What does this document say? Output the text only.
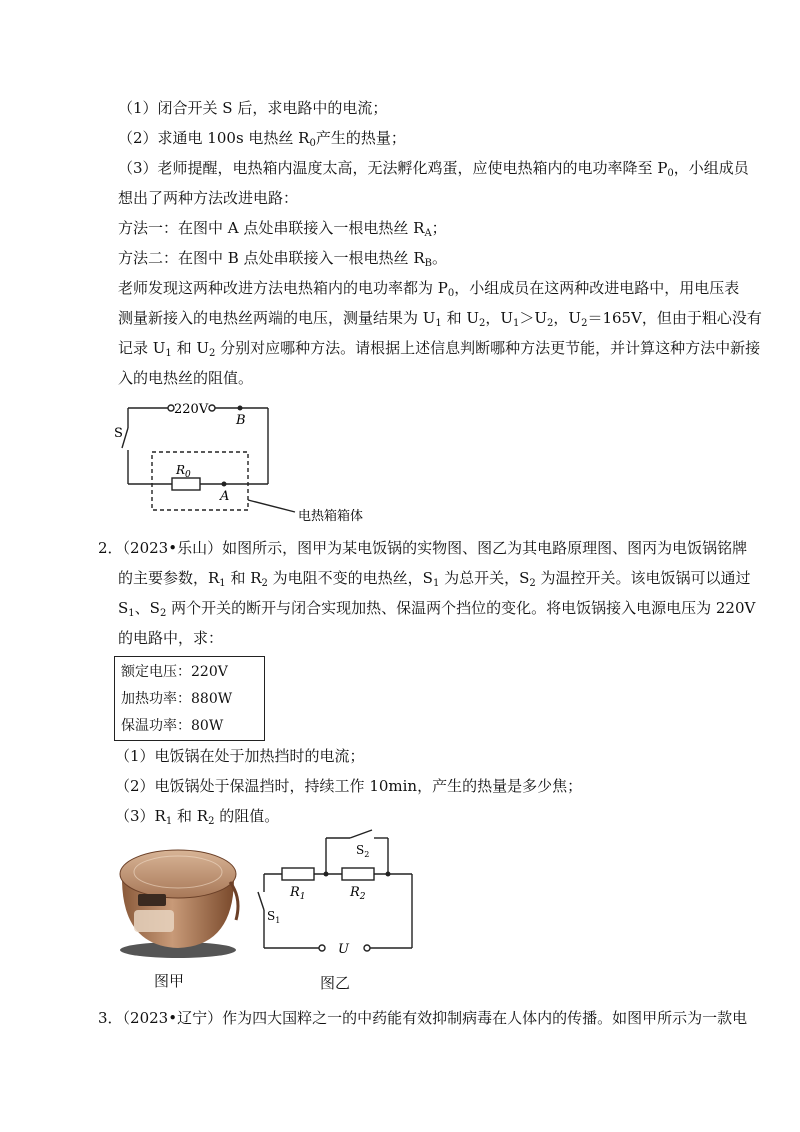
（1）闭合开关 S 后，求电路中的电流；
（2）求通电 100s 电热丝 $R_0$产生的热量；
（3）老师提醒，电热箱内温度太高，无法孵化鸡蛋，应使电热箱内的电功率降至 $P_0$，小组成员
想出了两种方法改进电路：
方法一：在图中 A 点处串联接入一根电热丝 $R_A$；
方法二：在图中 B 点处串联接入一根电热丝 $R_B$。
老师发现这两种改进方法电热箱内的电功率都为 $P_0$，小组成员在这两种改进电路中，用电压表
测量新接入的电热丝两端的电压，测量结果为 $U_1$ 和 $U_2$，$U_1>U_2$，$U_2=165V$，但由于粗心没有
记录 $U_1$ 和 $U_2$ 分别对应哪种方法。请根据上述信息判断哪种方法更节能，并计算这种方法中新接
入的电热丝的阻值。
220V
B
S
$R_0$
A
电热箱箱体
2．（2023•乐山）如图所示，图甲为某电饭锅的实物图、图乙为其电路原理图、图丙为电饭锅铭牌
的主要参数，$R_1$ 和 $R_2$ 为电阻不变的电热丝，$S_1$ 为总开关，$S_2$ 为温控开关。该电饭锅可以通过
$S_1$、$S_2$ 两个开关的断开与闭合实现加热、保温两个挡位的变化。将电饭锅接入电源电压为 220V
的电路中，求：
额定电压：220V
加热功率：880W
保温功率：80W
（1）电饭锅在处于加热挡时的电流；
（2）电饭锅处于保温挡时，持续工作 10min，产生的热量是多少焦；
$(3)R_1$ 和 $R_2$ 的阻值。
$R_1$	$R_2$
$S_1$
$S_2$
U
图甲	图乙
3．（2023•辽宁）作为四大国粹之一的中药能有效抑制病毒在人体内的传播。如图甲所示为一款电
